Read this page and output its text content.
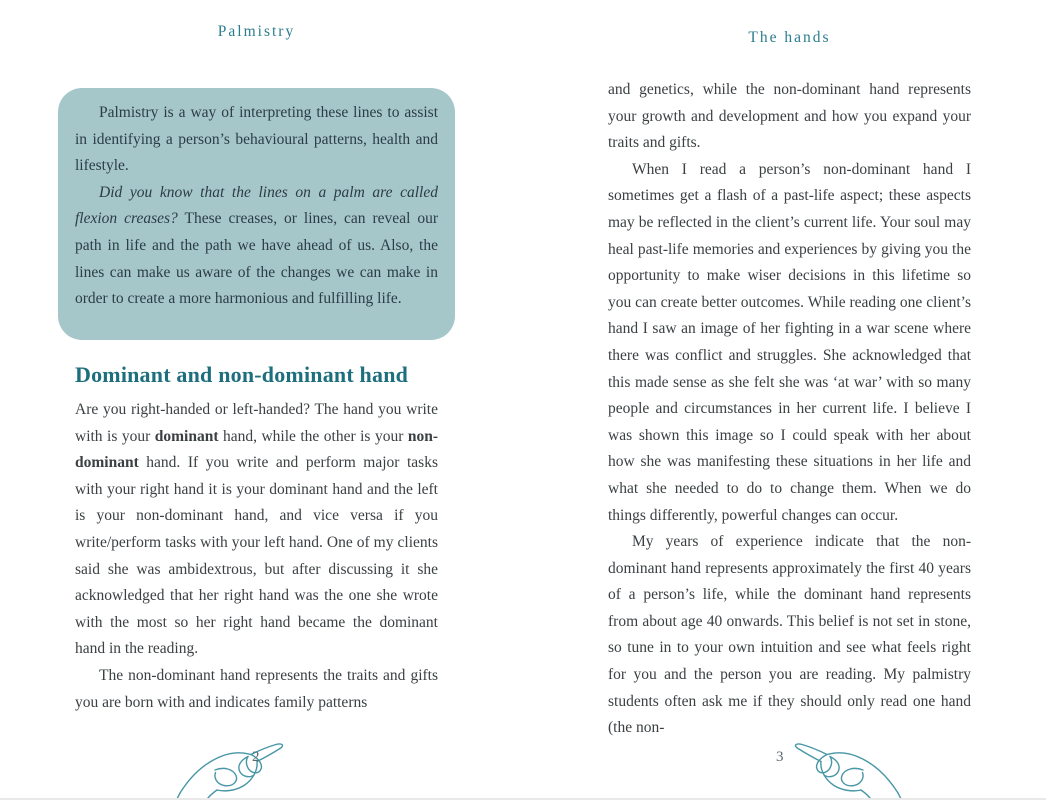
Palmistry

Palmistry is a way of interpreting these lines to assist in identifying a person’s behavioural patterns, health and lifestyle.

Did you know that the lines on a palm are called flexion creases? These creases, or lines, can reveal our path in life and the path we have ahead of us. Also, the lines can make us aware of the changes we can make in order to create a more harmonious and fulfilling life.

Dominant and non-dominant hand

Are you right-handed or left-handed? The hand you write with is your dominant hand, while the other is your non-dominant hand. If you write and perform major tasks with your right hand it is your dominant hand and the left is your non-dominant hand, and vice versa if you write/perform tasks with your left hand. One of my clients said she was ambidextrous, but after discussing it she acknowledged that her right hand was the one she wrote with the most so her right hand became the dominant hand in the reading.

The non-dominant hand represents the traits and gifts you are born with and indicates family patterns

2
The hands

and genetics, while the non-dominant hand represents your growth and development and how you expand your traits and gifts.

When I read a person’s non-dominant hand I sometimes get a flash of a past-life aspect; these aspects may be reflected in the client’s current life. Your soul may heal past-life memories and experiences by giving you the opportunity to make wiser decisions in this lifetime so you can create better outcomes. While reading one client’s hand I saw an image of her fighting in a war scene where there was conflict and struggles. She acknowledged that this made sense as she felt she was ‘at war’ with so many people and circumstances in her current life. I believe I was shown this image so I could speak with her about how she was manifesting these situations in her life and what she needed to do to change them. When we do things differently, powerful changes can occur.

My years of experience indicate that the non-dominant hand represents approximately the first 40 years of a person’s life, while the dominant hand represents from about age 40 onwards. This belief is not set in stone, so tune in to your own intuition and see what feels right for you and the person you are reading. My palmistry students often ask me if they should only read one hand (the non-

3
